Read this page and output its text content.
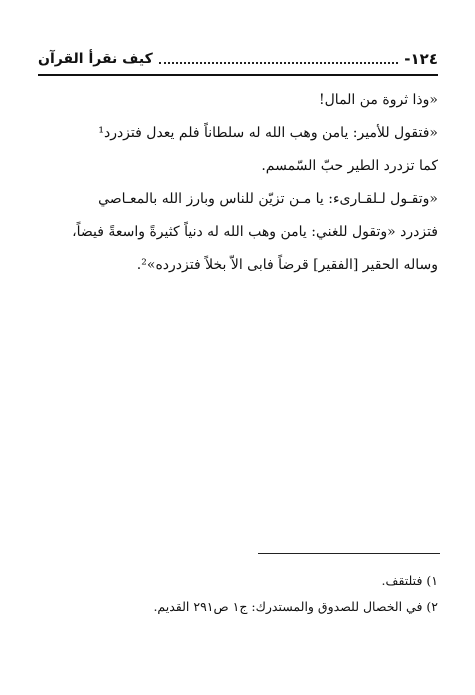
١٢٤-
كيف نقرأ القرآن

«وذا ثروة من المال!

«فتقول للأمير: يامن وهب الله له سلطاناً فلم يعدل فتزدرد¹

كما تزدرد الطير حبّ السّمسم.

«وتقـول لـلقـارىء: يا مـن تزيّن للناس وبارز الله بالمعـاصي

فتزدرد «وتقول للغني: يامن وهب الله له دنياً كثيرةً واسعةً فيضاً،

وساله الحقير [الفقير] قرضاً فابى الاّ بخلاً فتزدرده»².

١) فتلتقف.

٢) في الخصال للصدوق والمستدرك: ج١ ص٢٩١ القديم.
